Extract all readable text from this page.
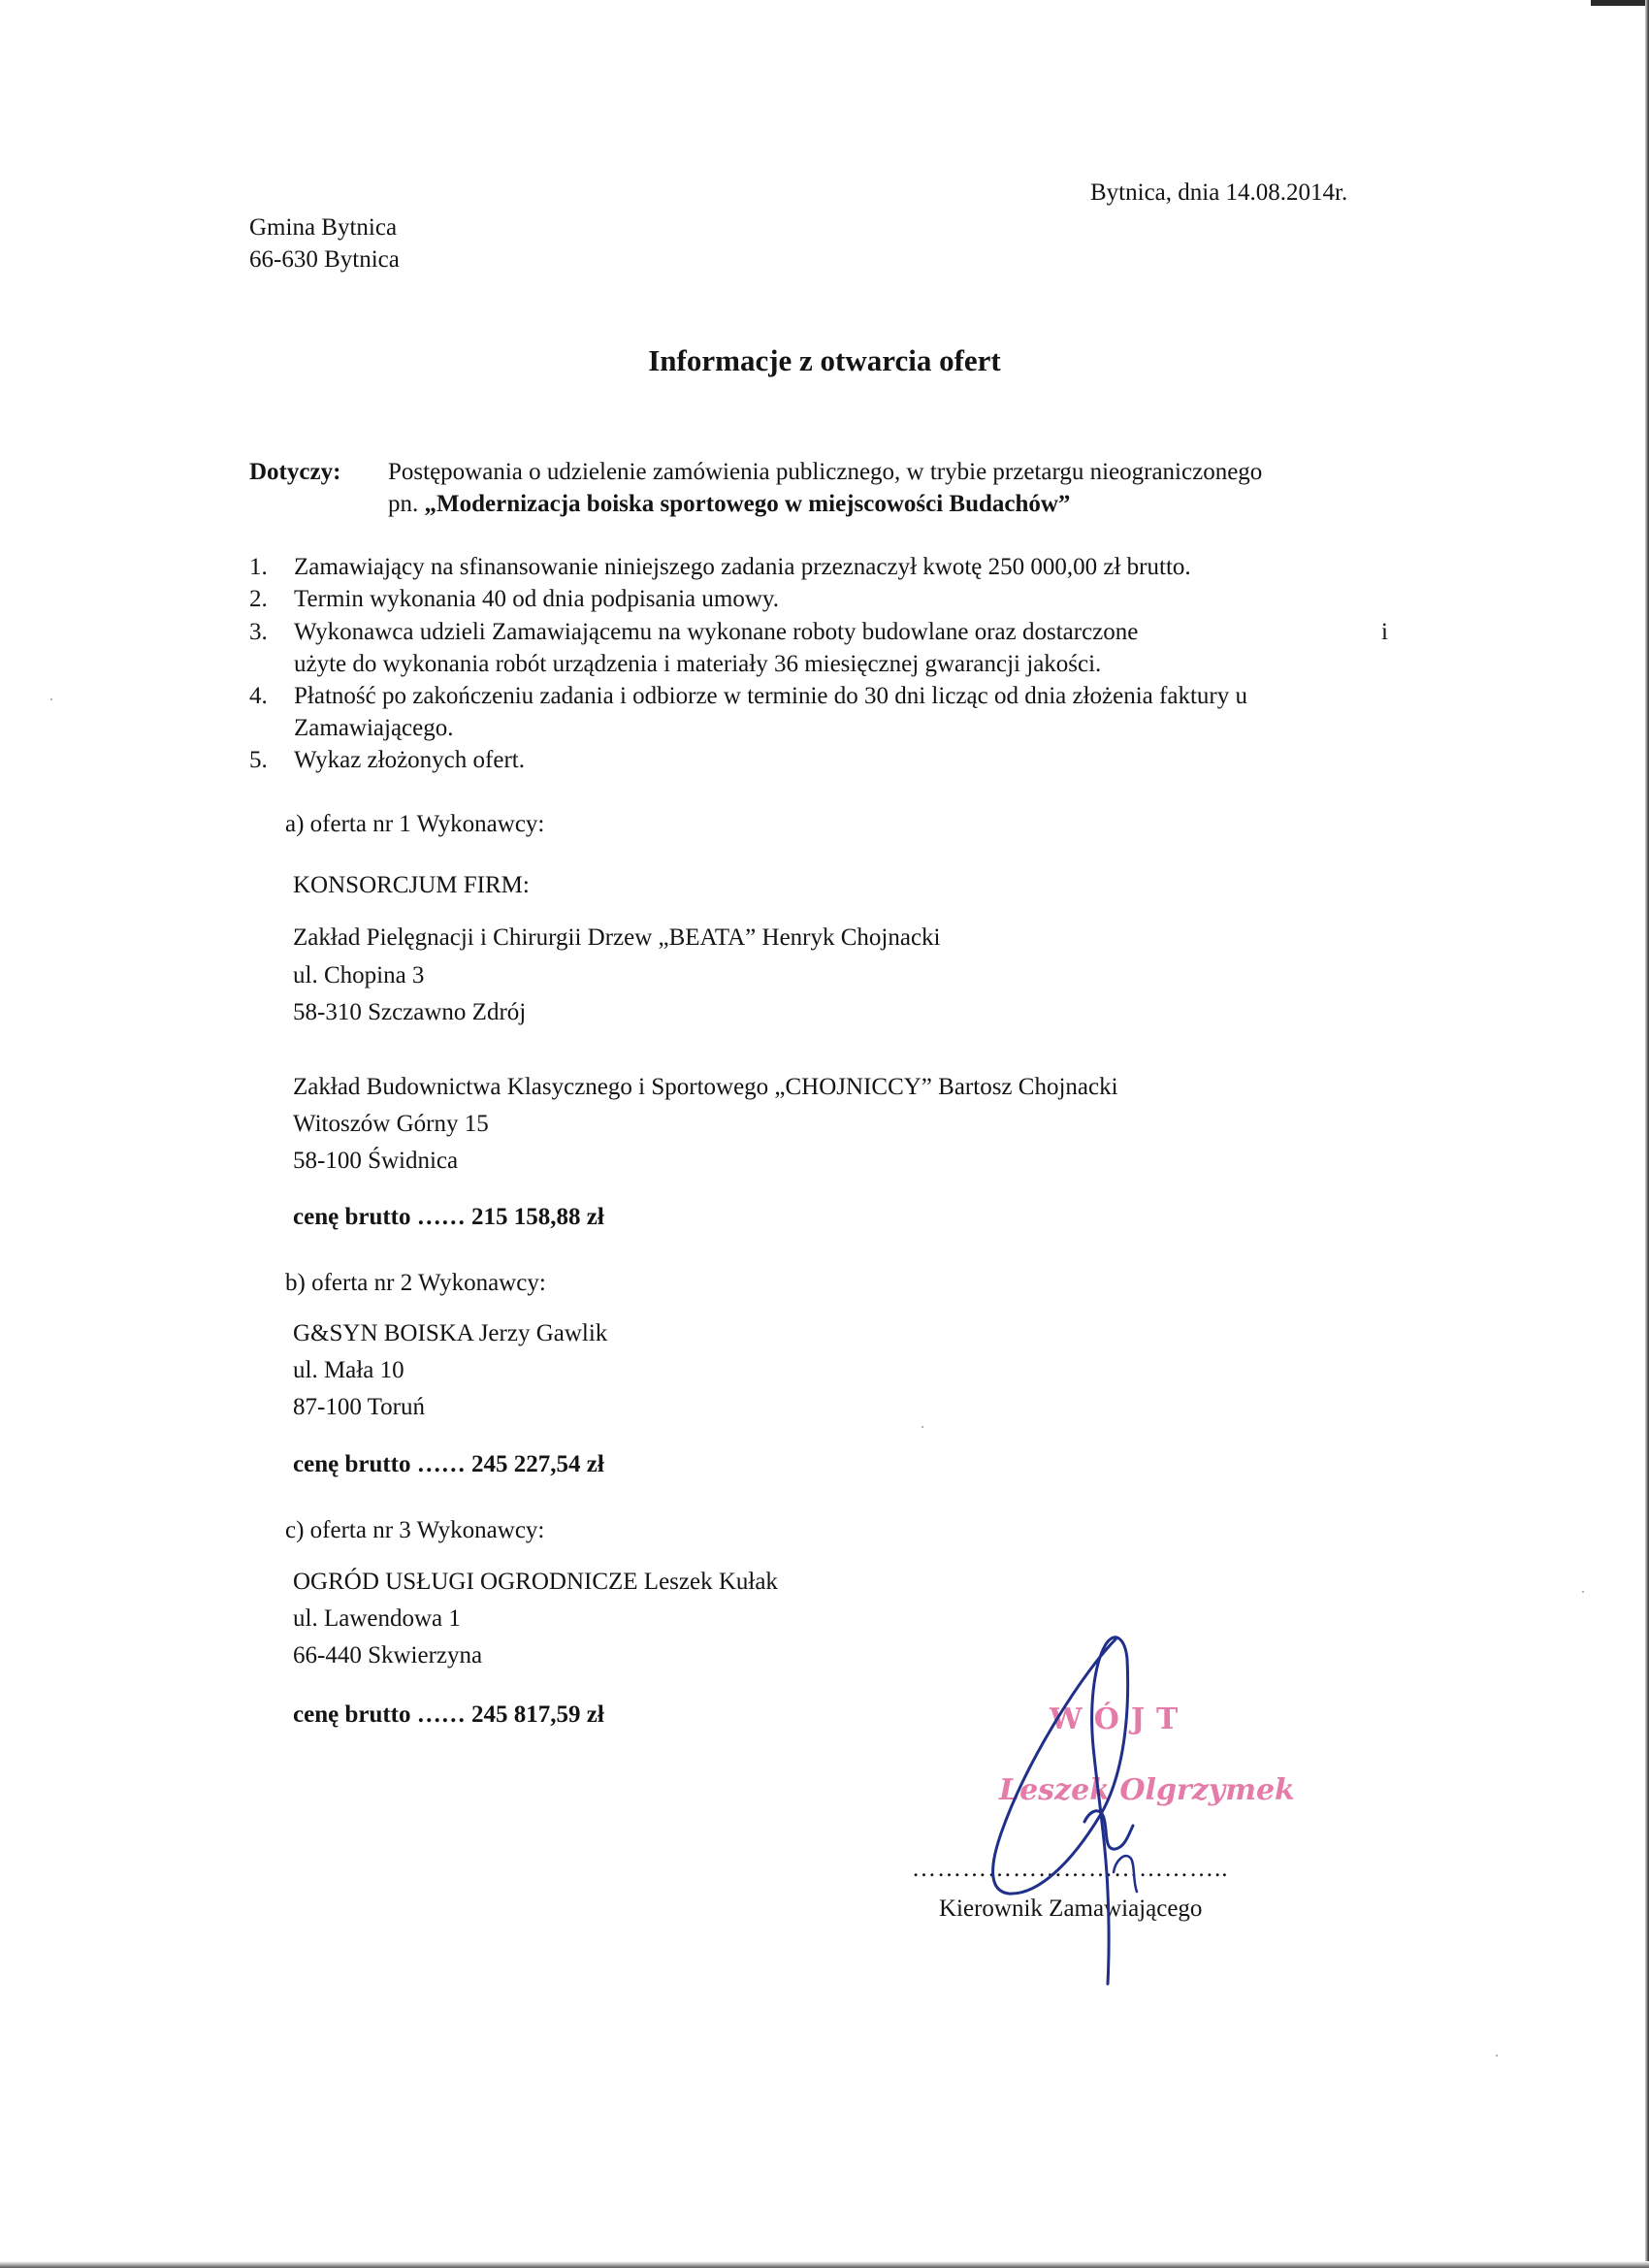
Bytnica, dnia 14.08.2014r.
Gmina Bytnica
66-630 Bytnica
Informacje z otwarcia ofert
Dotyczy: Postępowania o udzielenie zamówienia publicznego, w trybie przetargu nieograniczonego
pn. „Modernizacja boiska sportowego w miejscowości Budachów”
1. Zamawiający na sfinansowanie niniejszego zadania przeznaczył kwotę 250 000,00 zł brutto.
2. Termin wykonania 40 od dnia podpisania umowy.
3. Wykonawca udzieli Zamawiającemu na wykonane roboty budowlane oraz dostarczone	i
użyte do wykonania robót urządzenia i materiały 36 miesięcznej gwarancji jakości.
4. Płatność po zakończeniu zadania i odbiorze w terminie do 30 dni licząc od dnia złożenia faktury u
Zamawiającego.
5. Wykaz złożonych ofert.
a) oferta nr 1 Wykonawcy:
KONSORCJUM FIRM:
Zakład Pielęgnacji i Chirurgii Drzew „BEATA” Henryk Chojnacki
ul. Chopina 3
58-310 Szczawno Zdrój
Zakład Budownictwa Klasycznego i Sportowego „CHOJNICCY” Bartosz Chojnacki
Witoszów Górny 15
58-100 Świdnica
cenę brutto …… 215 158,88 zł
b) oferta nr 2 Wykonawcy:
G&SYN BOISKA Jerzy Gawlik
ul. Mała 10
87-100 Toruń
cenę brutto …… 245 227,54 zł
c) oferta nr 3 Wykonawcy:
OGRÓD USŁUGI OGRODNICZE Leszek Kułak
ul. Lawendowa 1
66-440 Skwierzyna
cenę brutto …… 245 817,59 zł	WÓJT
Leszek Olgrzymek
………………………………..
Kierownik Zamawiającego
